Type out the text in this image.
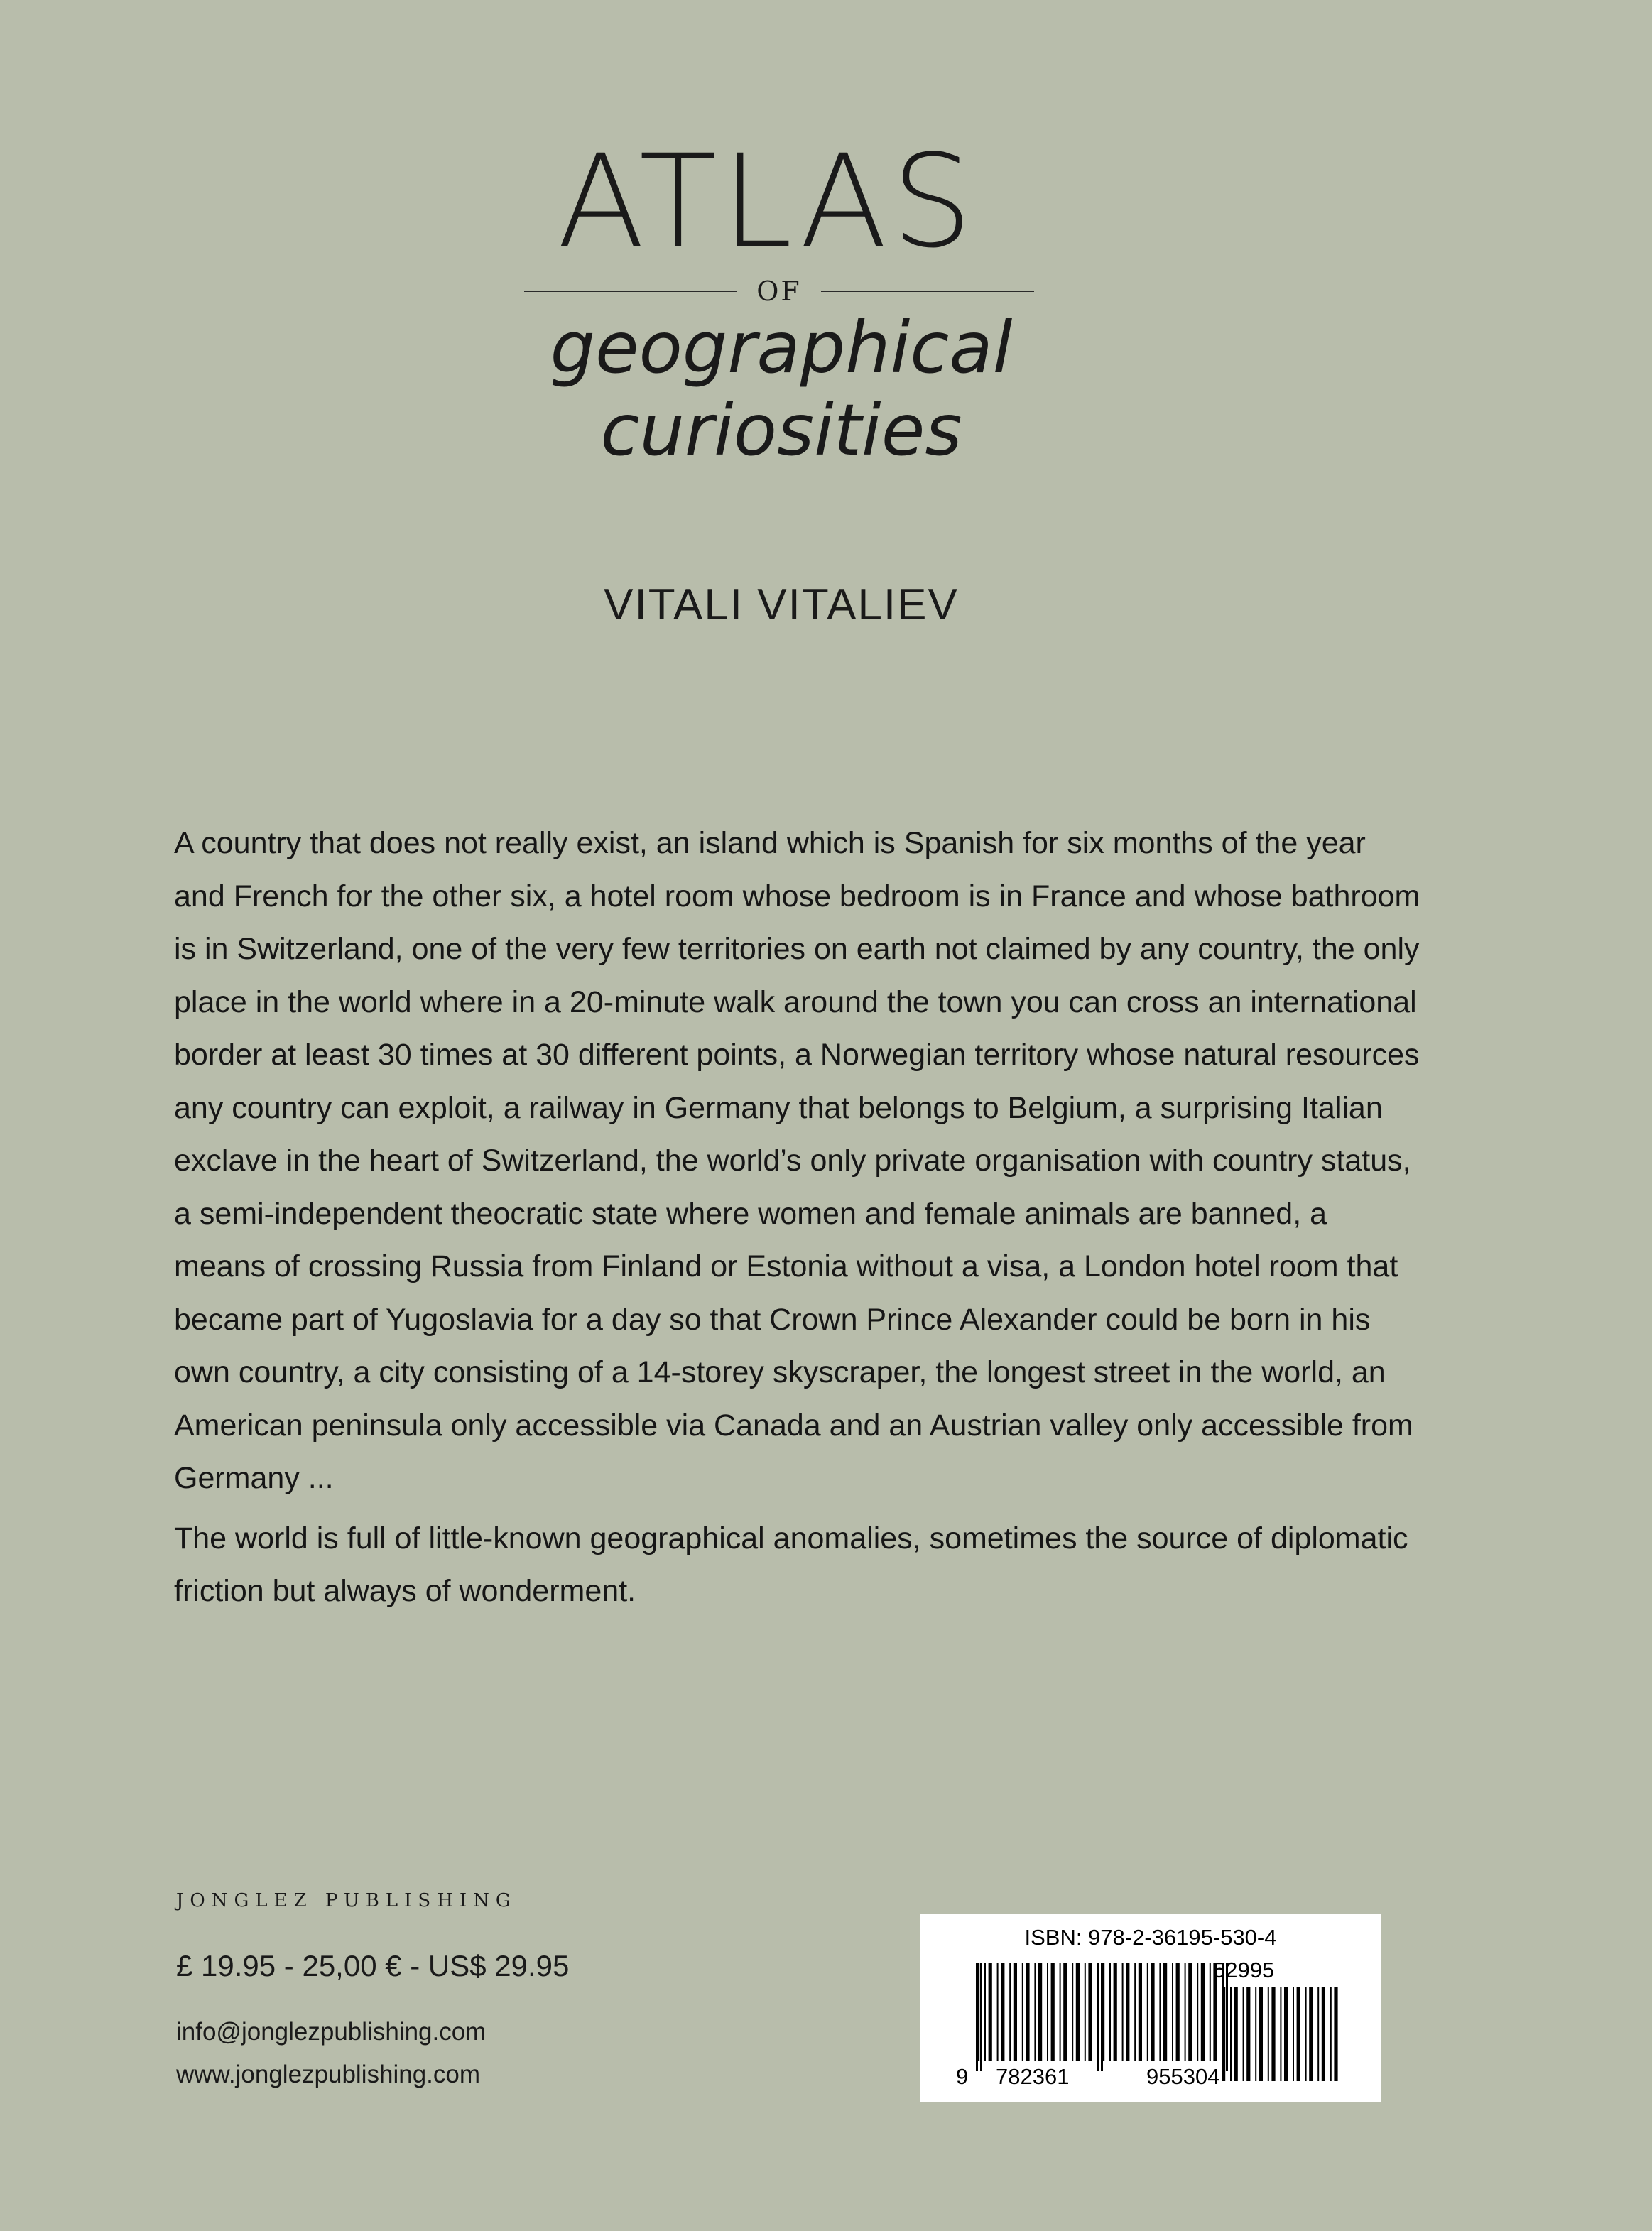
ATLAS
OF
geographical
curiosities
VITALI VITALIEV

A country that does not really exist, an island which is Spanish for six months of the year and French for the other six, a hotel room whose bedroom is in France and whose bathroom is in Switzerland, one of the very few territories on earth not claimed by any country, the only place in the world where in a 20-minute walk around the town you can cross an international border at least 30 times at 30 different points, a Norwegian territory whose natural resources any country can exploit, a railway in Germany that belongs to Belgium, a surprising Italian exclave in the heart of Switzerland, the world’s only private organisation with country status, a semi-independent theocratic state where women and female animals are banned, a means of crossing Russia from Finland or Estonia without a visa, a London hotel room that became part of Yugoslavia for a day so that Crown Prince Alexander could be born in his own country, a city consisting of a 14-storey skyscraper, the longest street in the world, an American peninsula only accessible via Canada and an Austrian valley only accessible from Germany ...

The world is full of little-known geographical anomalies, sometimes the source of diplomatic friction but always of wonderment.

JONGLEZ PUBLISHING
£ 19.95 - 25,00 € - US$ 29.95
info@jonglezpublishing.com
www.jonglezpublishing.com
ISBN: 978-2-36195-530-4
9 782361	955304
52995
